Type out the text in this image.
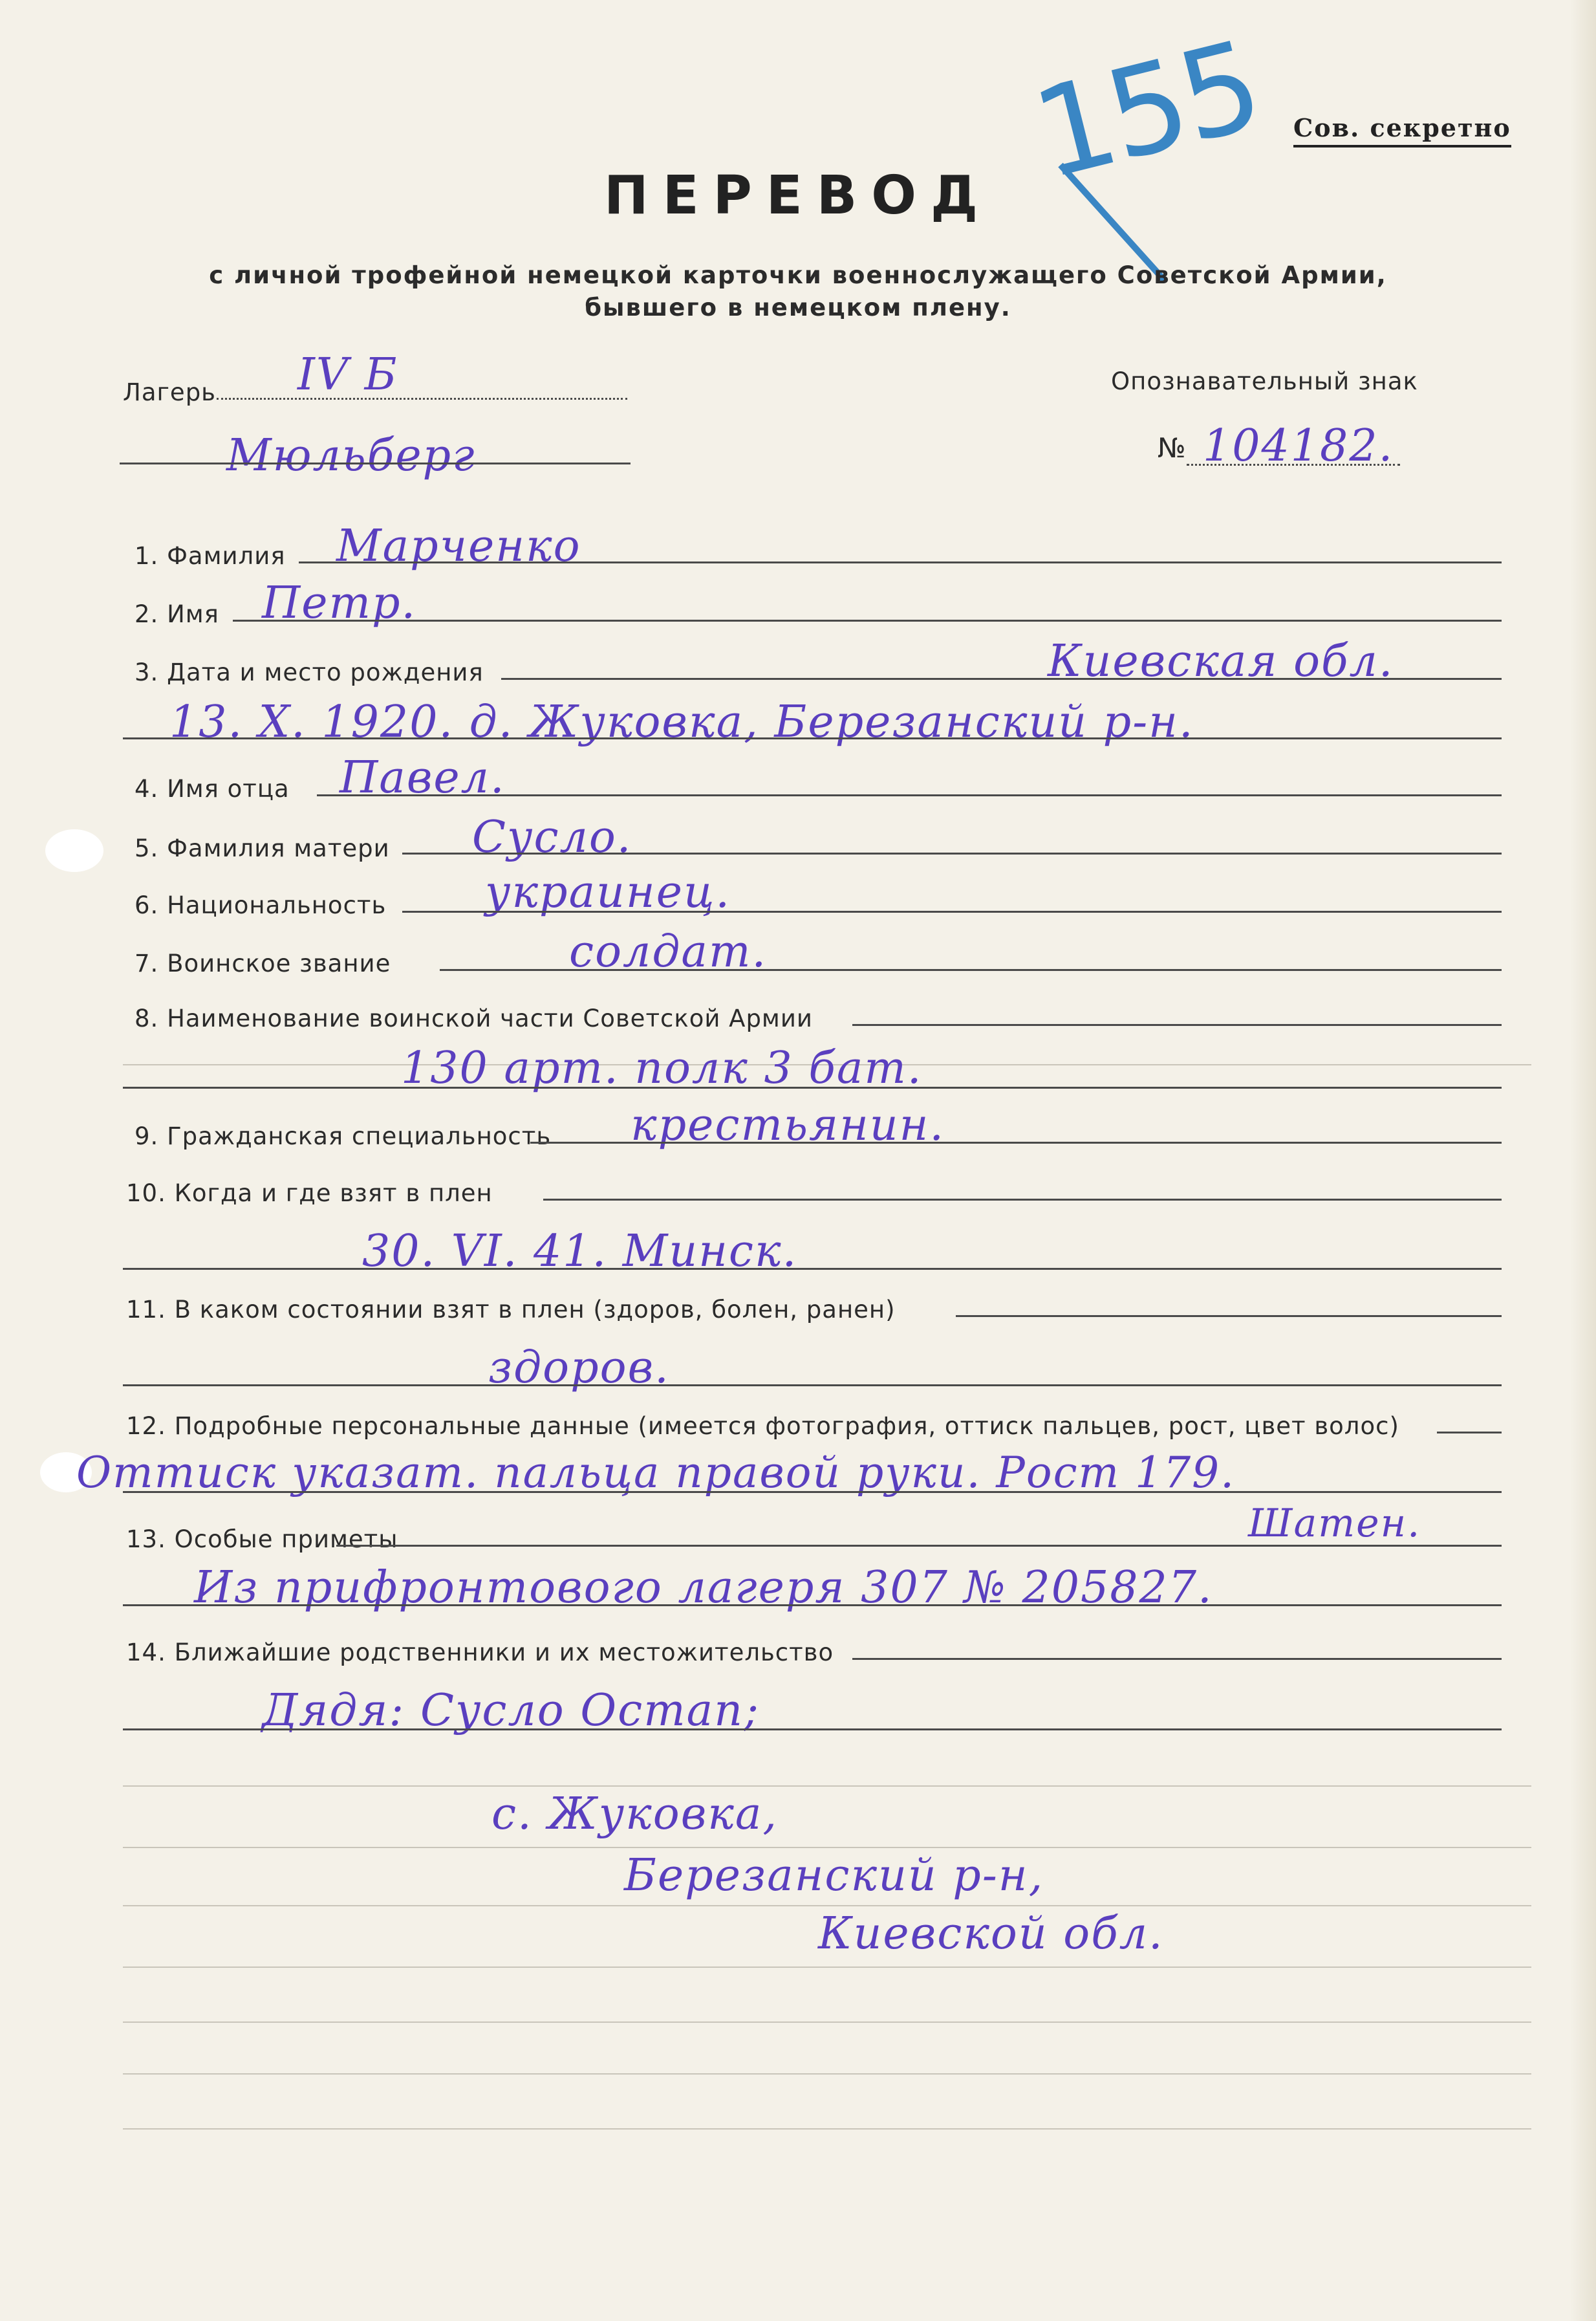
155 Сов. секретно
ПЕРЕВОД
с личной трофейной немецкой карточки военнослужащего Советской Армии,
бывшего в немецком плену.
Лагерь IV Б
Мюльберг
Опознавательный знак
№ 104182.
1. Фамилия Марченко
2. Имя Петр.
3. Дата и место рождения	Киевская обл.
13. X. 1920. д. Жуковка, Березанский р-н.
4. Имя отца Павел.
5. Фамилия матери Сусло.
6. Национальность украинец.
7. Воинское звание	солдат.
8. Наименование воинской части Советской Армии
130 арт. полк 3 бат.
9. Гражданская специальность крестьянин.
10. Когда и где взят в плен
30. VI. 41. Минск.
11. В каком состоянии взят в плен (здоров, болен, ранен)
здоров.
12. Подробные персональные данные (имеется фотография, оттиск пальцев, рост, цвет волос)
Оттиск указат. пальца правой руки. Рост 179.
13. Особые приметы	Шатен.
Из прифронтового лагеря 307 № 205827.
14. Ближайшие родственники и их местожительство
Дядя: Сусло Остап;
с. Жуковка,
Березанский р-н,
Киевской обл.
